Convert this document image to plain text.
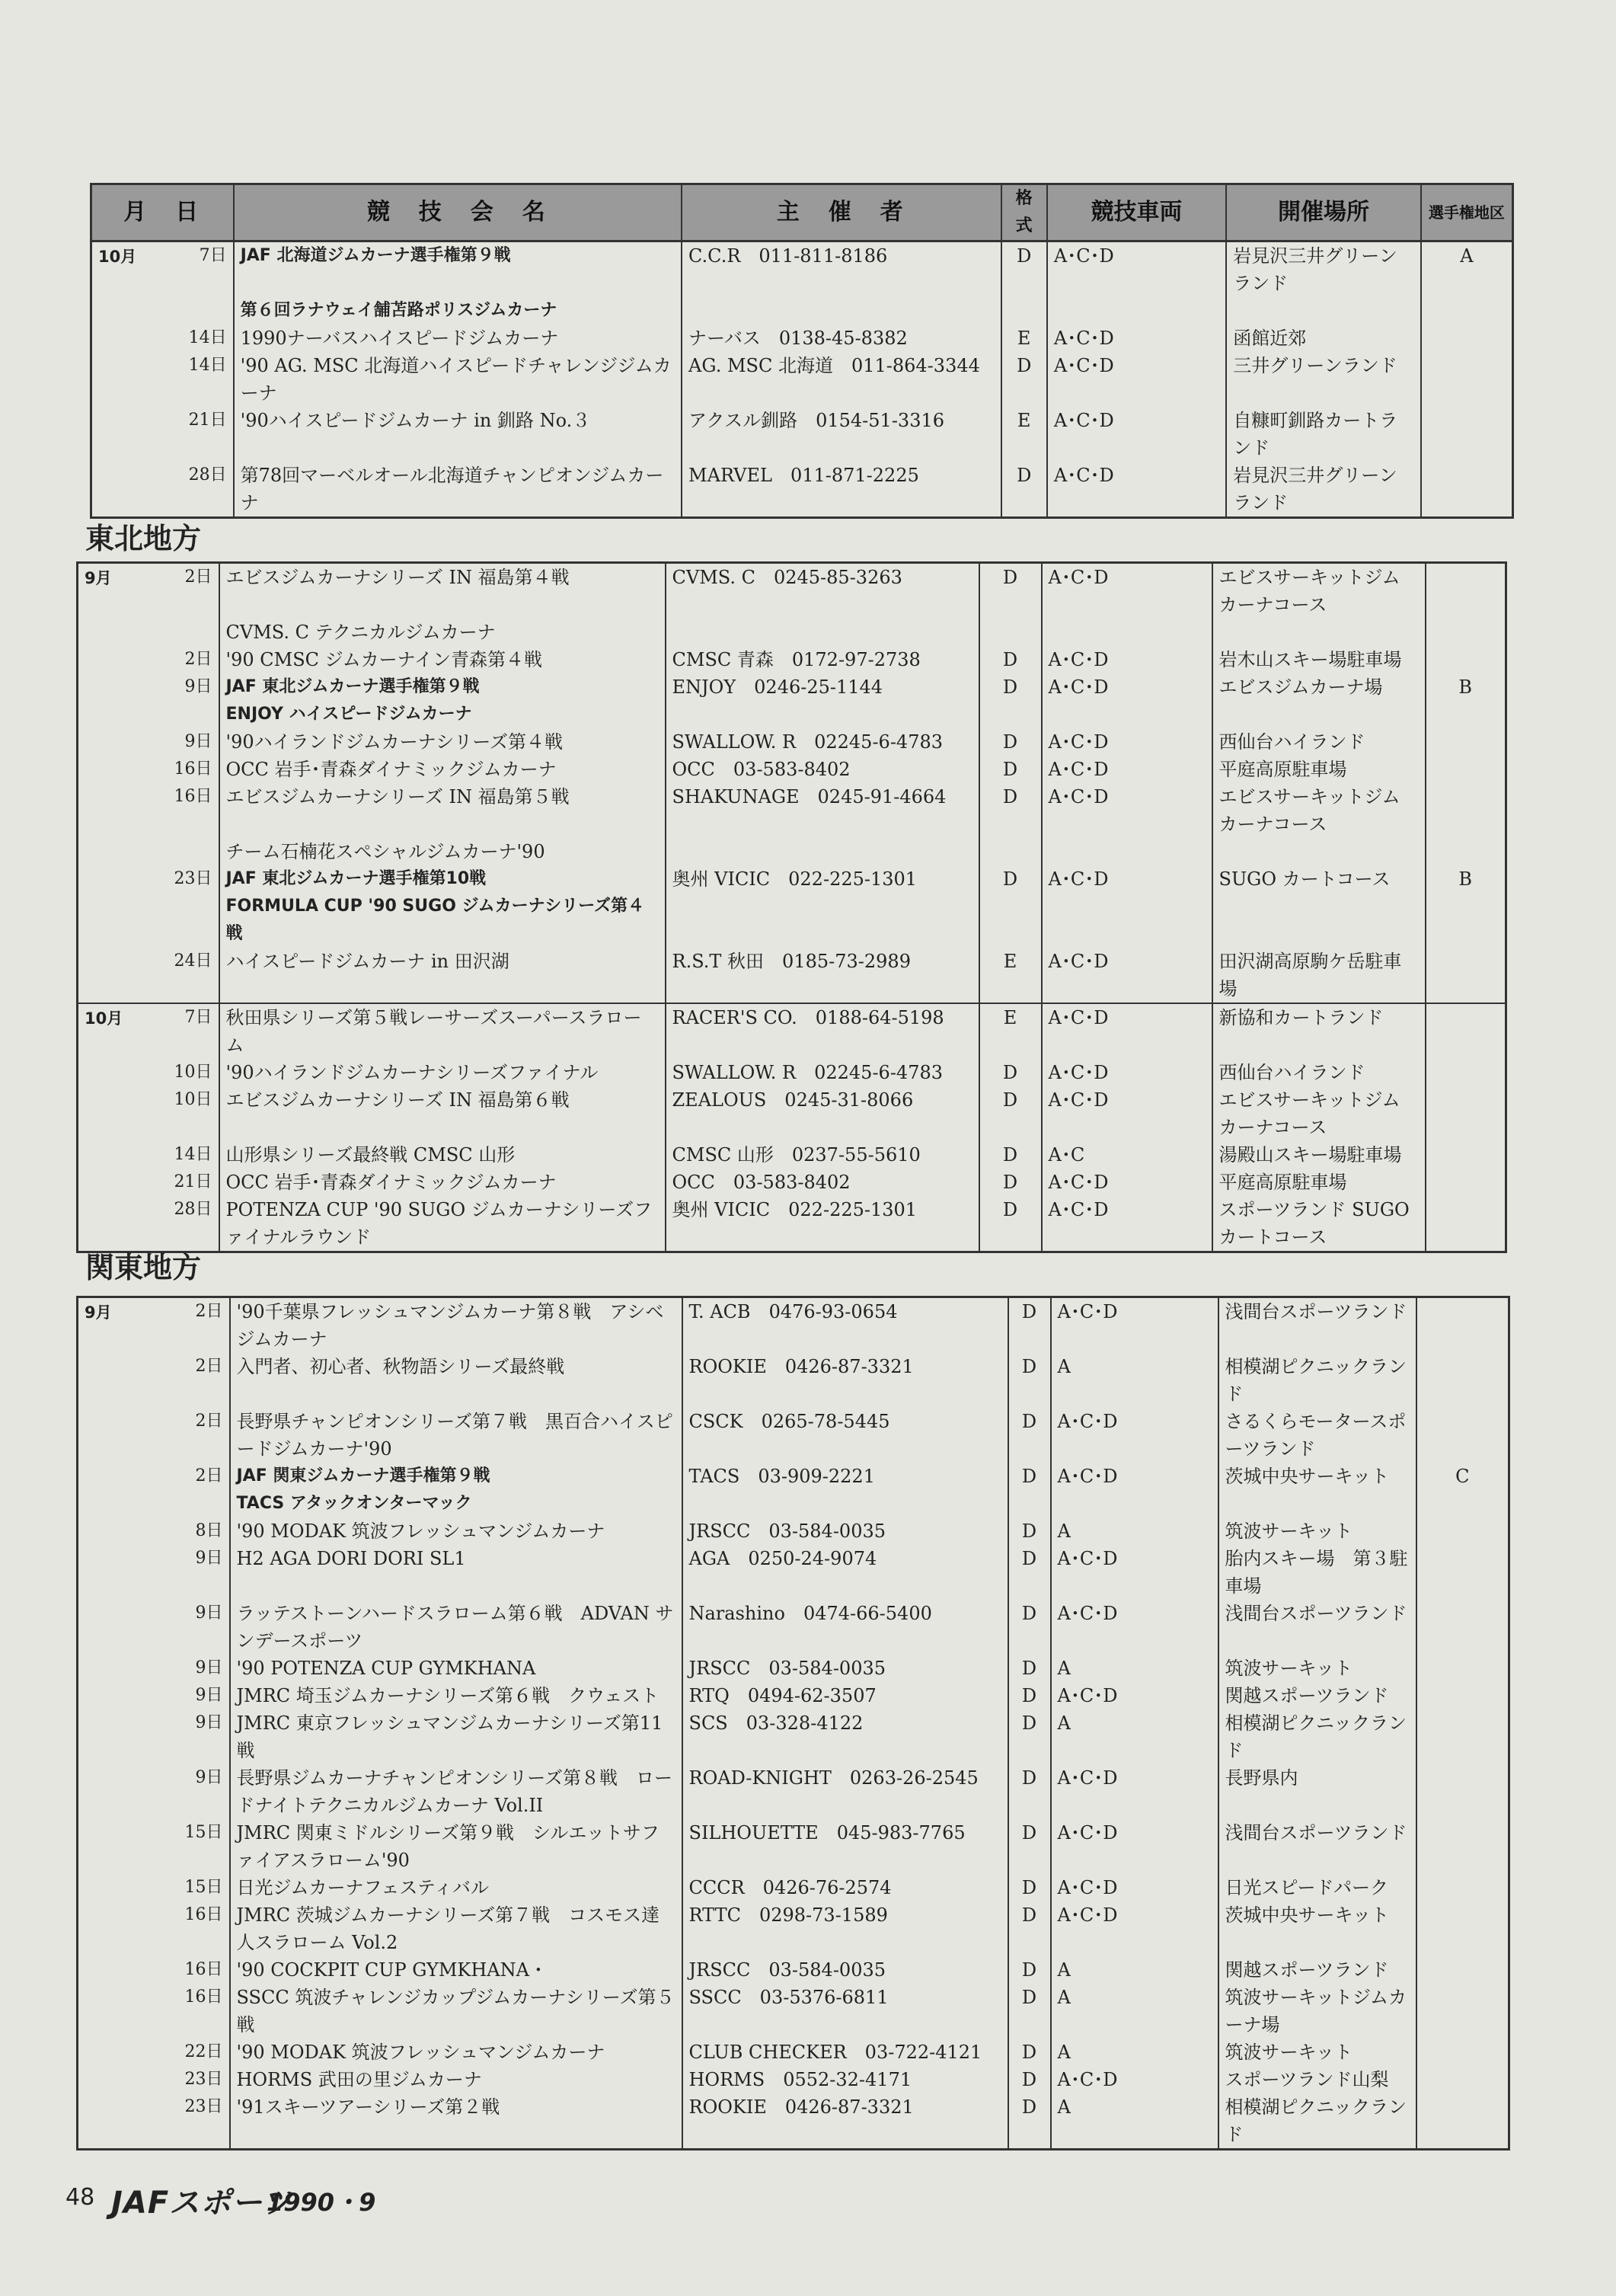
月　日	競　技　会　名	主　催　者	格式	競技車両	開催場所	選手権地区
10月 7日	JAF 北海道ジムカーナ選手権第９戦	C.C.R　011-811-8186	D	A･C･D	岩見沢三井グリーンランド	A

	第６回ラナウェイ舗苫路ポリスジムカーナ					

14日	1990ナーバスハイスピードジムカーナ	ナーバス　0138-45-8382	E	A･C･D	函館近郊	

14日	'90 AG. MSC 北海道ハイスピードチャレンジジムカーナ	AG. MSC 北海道　011-864-3344	D	A･C･D	三井グリーンランド	

21日	'90ハイスピードジムカーナ in 釧路 No.３	アクスル釧路　0154-51-3316	E	A･C･D	自糠町釧路カートランド	

28日	第78回マーベルオール北海道チャンピオンジムカーナ	MARVEL　011-871-2225	D	A･C･D	岩見沢三井グリーンランド	
東北地方
9月 2日	エビスジムカーナシリーズ IN 福島第４戦	CVMS. C　0245-85-3263	D	A･C･D	エビスサーキットジムカーナコース	

	CVMS. C テクニカルジムカーナ					

2日	'90 CMSC ジムカーナイン青森第４戦	CMSC 青森　0172-97-2738	D	A･C･D	岩木山スキー場駐車場	

9日	JAF 東北ジムカーナ選手権第９戦	ENJOY　0246-25-1144	D	A･C･D	エビスジムカーナ場	B

	ENJOY ハイスピードジムカーナ					

9日	'90ハイランドジムカーナシリーズ第４戦	SWALLOW. R　02245-6-4783	D	A･C･D	西仙台ハイランド	

16日	OCC 岩手･青森ダイナミックジムカーナ	OCC　03-583-8402	D	A･C･D	平庭高原駐車場	

16日	エビスジムカーナシリーズ IN 福島第５戦	SHAKUNAGE　0245-91-4664	D	A･C･D	エビスサーキットジムカーナコース	

	チーム石楠花スペシャルジムカーナ'90					

23日	JAF 東北ジムカーナ選手権第10戦	奥州 VICIC　022-225-1301	D	A･C･D	SUGO カートコース	B

	FORMULA CUP '90 SUGO ジムカーナシリーズ第４戦					

24日	ハイスピードジムカーナ in 田沢湖	R.S.T 秋田　0185-73-2989	E	A･C･D	田沢湖高原駒ケ岳駐車場	
10月 7日	秋田県シリーズ第５戦レーサーズスーパースラローム	RACER'S CO.　0188-64-5198	E	A･C･D	新協和カートランド	

10日	'90ハイランドジムカーナシリーズファイナル	SWALLOW. R　02245-6-4783	D	A･C･D	西仙台ハイランド	

10日	エビスジムカーナシリーズ IN 福島第６戦	ZEALOUS　0245-31-8066	D	A･C･D	エビスサーキットジムカーナコース	

14日	山形県シリーズ最終戦 CMSC 山形	CMSC 山形　0237-55-5610	D	A･C	湯殿山スキー場駐車場	

21日	OCC 岩手･青森ダイナミックジムカーナ	OCC　03-583-8402	D	A･C･D	平庭高原駐車場	

28日	POTENZA CUP '90 SUGO ジムカーナシリーズファイナルラウンド	奥州 VICIC　022-225-1301	D	A･C･D	スポーツランド SUGO カートコース	
関東地方
9月 2日	'90千葉県フレッシュマンジムカーナ第８戦　アシベジムカーナ	T. ACB　0476-93-0654	D	A･C･D	浅間台スポーツランド	

2日	入門者、初心者、秋物語シリーズ最終戦	ROOKIE　0426-87-3321	D	A	相模湖ピクニックランド	

2日	長野県チャンピオンシリーズ第７戦　黒百合ハイスピードジムカーナ'90	CSCK　0265-78-5445	D	A･C･D	さるくらモータースポーツランド	

2日	JAF 関東ジムカーナ選手権第９戦	TACS　03-909-2221	D	A･C･D	茨城中央サーキット	C

	TACS アタックオンターマック					

8日	'90 MODAK 筑波フレッシュマンジムカーナ	JRSCC　03-584-0035	D	A	筑波サーキット	

9日	H2 AGA DORI DORI SL1	AGA　0250-24-9074	D	A･C･D	胎内スキー場　第３駐車場	

9日	ラッテストーンハードスラローム第６戦　ADVAN サンデースポーツ	Narashino　0474-66-5400	D	A･C･D	浅間台スポーツランド	

9日	'90 POTENZA CUP GYMKHANA	JRSCC　03-584-0035	D	A	筑波サーキット	

9日	JMRC 埼玉ジムカーナシリーズ第６戦　クウェスト	RTQ　0494-62-3507	D	A･C･D	関越スポーツランド	

9日	JMRC 東京フレッシュマンジムカーナシリーズ第11戦	SCS　03-328-4122	D	A	相模湖ピクニックランド	

9日	長野県ジムカーナチャンピオンシリーズ第８戦　ロードナイトテクニカルジムカーナ Vol.II	ROAD-KNIGHT　0263-26-2545	D	A･C･D	長野県内	

15日	JMRC 関東ミドルシリーズ第９戦　シルエットサファイアスラローム'90	SILHOUETTE　045-983-7765	D	A･C･D	浅間台スポーツランド	

15日	日光ジムカーナフェスティバル	CCCR　0426-76-2574	D	A･C･D	日光スピードパーク	

16日	JMRC 茨城ジムカーナシリーズ第７戦　コスモス達人スラローム Vol.2	RTTC　0298-73-1589	D	A･C･D	茨城中央サーキット	

16日	'90 COCKPIT CUP GYMKHANA・	JRSCC　03-584-0035	D	A	関越スポーツランド	

16日	SSCC 筑波チャレンジカップジムカーナシリーズ第５戦	SSCC　03-5376-6811	D	A	筑波サーキットジムカーナ場	

22日	'90 MODAK 筑波フレッシュマンジムカーナ	CLUB CHECKER　03-722-4121	D	A	筑波サーキット	

23日	HORMS 武田の里ジムカーナ	HORMS　0552-32-4171	D	A･C･D	スポーツランド山梨	

23日	'91スキーツアーシリーズ第２戦	ROOKIE　0426-87-3321	D	A	相模湖ピクニックランド	
48 JAFスポーツ
1990・9
